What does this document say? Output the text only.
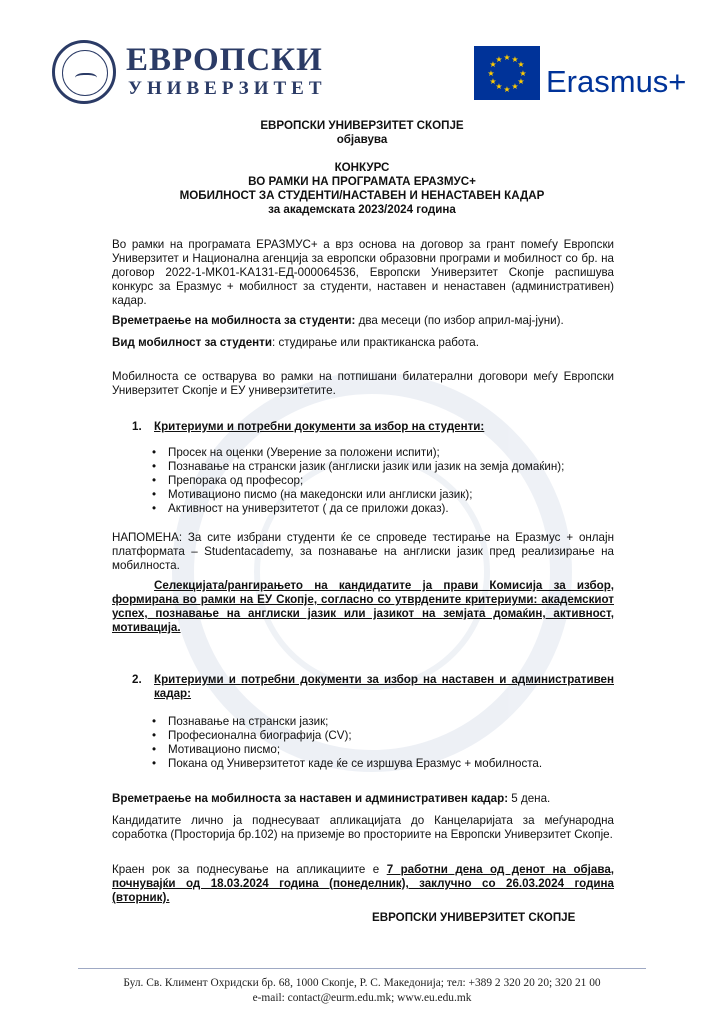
ЕВРОПСКИ
УНИВЕРЗИТЕТ
★ ★
★
★
★
★
★
★
★
★
★
★
Erasmus+
ЕВРОПСКИ УНИВЕРЗИТЕТ СКОПЈЕ
објавува
КОНКУРС
ВО РАМКИ НА ПРОГРАМАТА ЕРАЗМУС+
МОБИЛНОСТ ЗА СТУДЕНТИ/НАСТАВЕН И НЕНАСТАВЕН КАДАР
за академската 2023/2024 година
Во рамки на програмата ЕРАЗМУС+ а врз основа на договор за грант помеѓу Европски Универзитет и Национална агенција за европски образовни програми и мобилност со бр. на договор 2022-1-MK01-KA131-ЕД-000064536, Европски Универзитет Скопје распишува конкурс за Еразмус + мобилност за студенти, наставен и ненаставен (административен) кадар.
Времетраење на мобилноста за студенти: два месеци (по избор април-мај-јуни).
Вид мобилност за студенти: студирање или практиканска работа.
Мобилноста се остварува во рамки на потпишани билатерални договори меѓу Европски Универзитет Скопје и ЕУ универзитетите.
1. Критериуми и потребни документи за избор на студенти:
• Просек на оценки (Уверение за положени испити);
• Познавање на странски јазик (англиски јазик или јазик на земја домаќин);
• Препорака од професор;
• Мотивационо писмо (на македонски или англиски јазик);
• Активност на универзитетот ( да се приложи доказ).
НАПОМЕНА: За сите избрани студенти ќе се спроведе тестирање на Еразмус + онлајн платформата – Studentacademy, за познавање на англиски јазик пред реализирање на мобилноста.
Селекцијата/рангирањето на кандидатите ја прави Комисија за избор, формирана во рамки на ЕУ Скопје, согласно со утврдените критериуми: академскиот успех, познавање на англиски јазик или јазикот на земјата домаќин, активност, мотивација.
2. Критериуми и потребни документи за избор на наставен и административен кадар:
• Познавање на странски јазик;
• Професионална биографија (CV);
• Мотивационо писмо;
• Покана од Универзитетот каде ќе се изршува Еразмус + мобилноста.
Времетраење на мобилноста за наставен и административен кадар: 5 дена.
Кандидатите лично ја поднесуваат апликацијата до Канцеларијата за меѓународна соработка (Просторија бр.102) на приземје во просториите на Европски Универзитет Скопје.
Краен рок за поднесување на апликациите е 7 работни дена од денот на објава, почнувајќи од 18.03.2024 година (понеделник), заклучно со 26.03.2024 година (вторник).
ЕВРОПСКИ УНИВЕРЗИТЕТ СКОПЈЕ
Бул. Св. Климент Охридски бр. 68, 1000 Скопје, Р. С. Македонија; тел: +389 2 320 20 20; 320 21 00
e-mail: contact@eurm.edu.mk; www.eu.edu.mk
